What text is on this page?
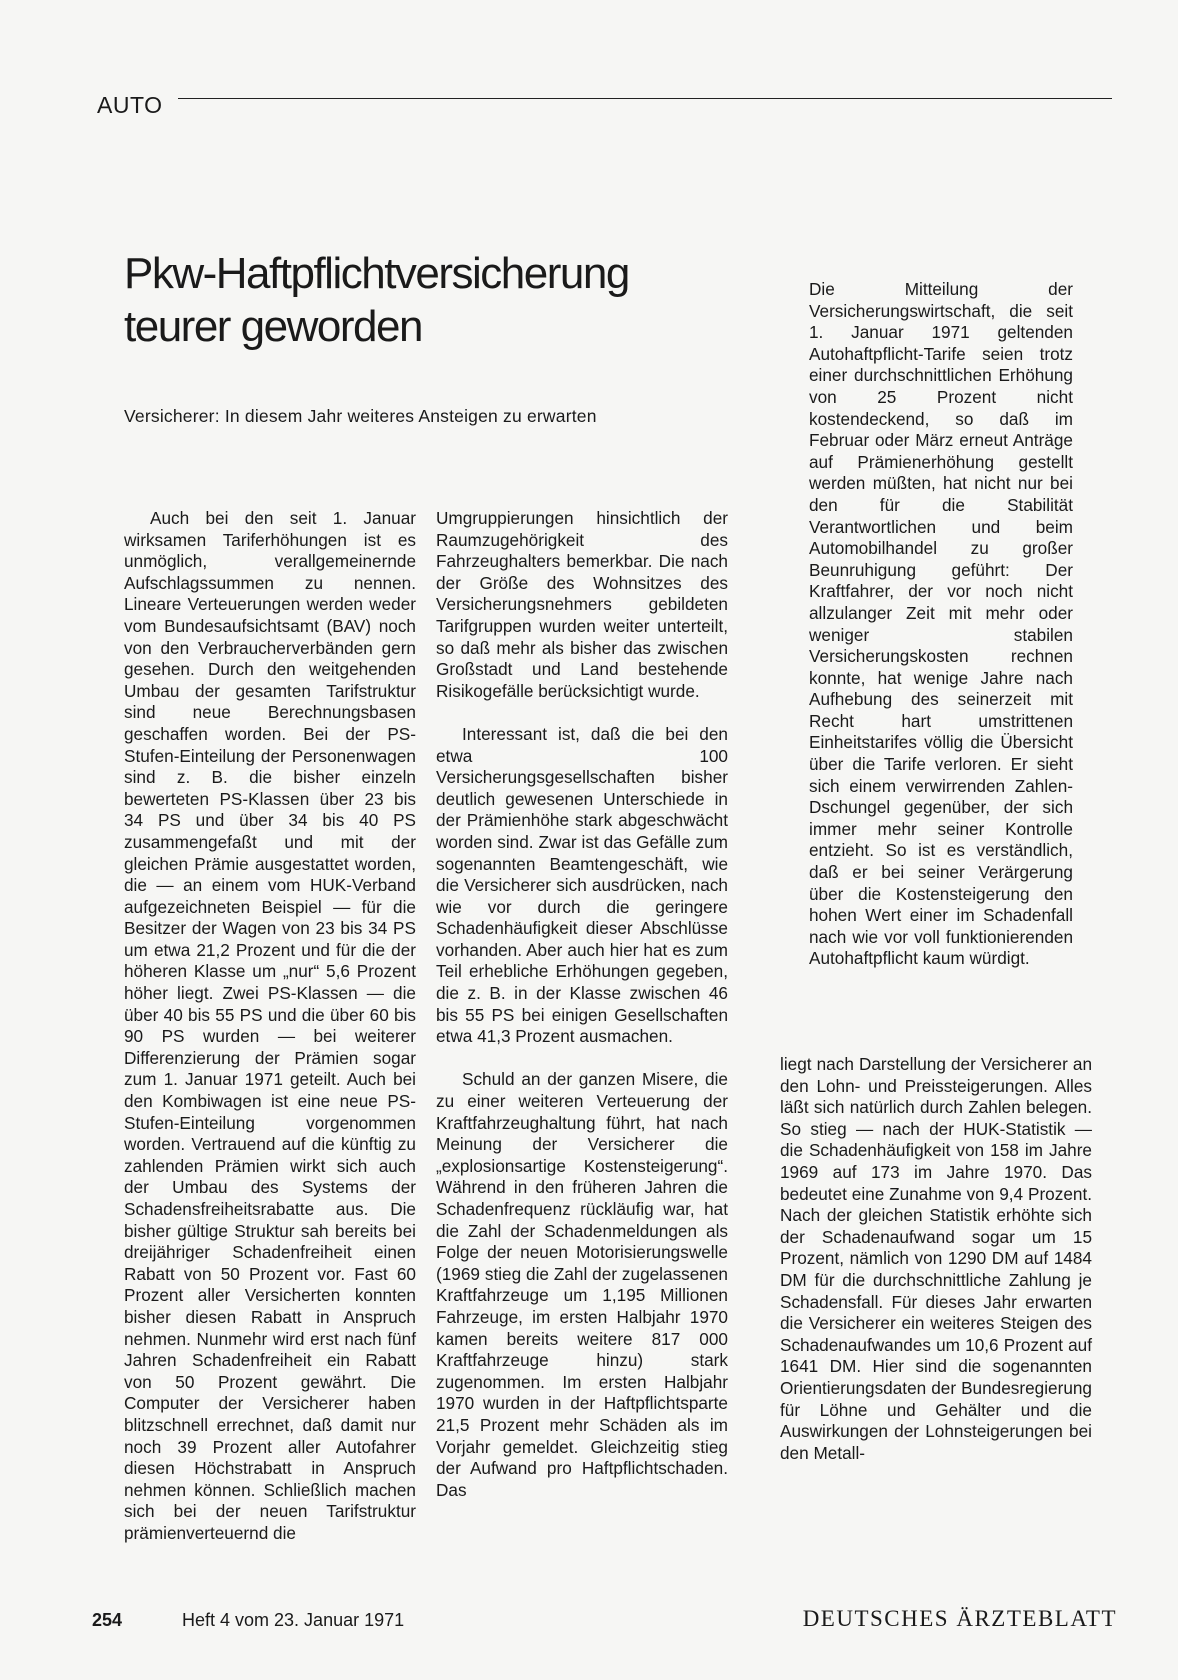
AUTO
Pkw-Haftpflichtversicherung
teurer geworden
Versicherer: In diesem Jahr weiteres Ansteigen zu erwarten

Auch bei den seit 1. Januar wirksamen Tariferhöhungen ist es unmöglich, verallgemeinernde Aufschlagssummen zu nennen. Lineare Verteuerungen werden weder vom Bundesaufsichtsamt (BAV) noch von den Verbraucherverbänden gern gesehen. Durch den weitgehenden Umbau der gesamten Tarifstruktur sind neue Berechnungsbasen geschaffen worden. Bei der PS-Stufen-Einteilung der Personenwagen sind z. B. die bisher einzeln bewerteten PS-Klassen über 23 bis 34 PS und über 34 bis 40 PS zusammengefaßt und mit der gleichen Prämie ausgestattet worden, die — an einem vom HUK-Verband aufgezeichneten Beispiel — für die Besitzer der Wagen von 23 bis 34 PS um etwa 21,2 Prozent und für die der höheren Klasse um „nur“ 5,6 Prozent höher liegt. Zwei PS-Klassen — die über 40 bis 55 PS und die über 60 bis 90 PS wurden — bei weiterer Differenzierung der Prämien sogar zum 1. Januar 1971 geteilt. Auch bei den Kombiwagen ist eine neue PS-Stufen-Einteilung vorgenommen worden. Vertrauend auf die künftig zu zahlenden Prämien wirkt sich auch der Umbau des Systems der Schadensfreiheitsrabatte aus. Die bisher gültige Struktur sah bereits bei dreijähriger Schadenfreiheit einen Rabatt von 50 Prozent vor. Fast 60 Prozent aller Versicherten konnten bisher diesen Rabatt in Anspruch nehmen. Nunmehr wird erst nach fünf Jahren Schadenfreiheit ein Rabatt von 50 Prozent gewährt. Die Computer der Versicherer haben blitzschnell errechnet, daß damit nur noch 39 Prozent aller Autofahrer diesen Höchstrabatt in Anspruch nehmen können. Schließlich machen sich bei der neuen Tarifstruktur prämienverteuernd die

Umgruppierungen hinsichtlich der Raumzugehörigkeit des Fahrzeughalters bemerkbar. Die nach der Größe des Wohnsitzes des Versicherungsnehmers gebildeten Tarifgruppen wurden weiter unterteilt, so daß mehr als bisher das zwischen Großstadt und Land bestehende Risikogefälle berücksichtigt wurde.

Interessant ist, daß die bei den etwa 100 Versicherungsgesellschaften bisher deutlich gewesenen Unterschiede in der Prämienhöhe stark abgeschwächt worden sind. Zwar ist das Gefälle zum sogenannten Beamtengeschäft, wie die Versicherer sich ausdrücken, nach wie vor durch die geringere Schadenhäufigkeit dieser Abschlüsse vorhanden. Aber auch hier hat es zum Teil erhebliche Erhöhungen gegeben, die z. B. in der Klasse zwischen 46 bis 55 PS bei einigen Gesellschaften etwa 41,3 Prozent ausmachen.

Schuld an der ganzen Misere, die zu einer weiteren Verteuerung der Kraftfahrzeughaltung führt, hat nach Meinung der Versicherer die „explosionsartige Kostensteigerung“. Während in den früheren Jahren die Schadenfrequenz rückläufig war, hat die Zahl der Schadenmeldungen als Folge der neuen Motorisierungswelle (1969 stieg die Zahl der zugelassenen Kraftfahrzeuge um 1,195 Millionen Fahrzeuge, im ersten Halbjahr 1970 kamen bereits weitere 817 000 Kraftfahrzeuge hinzu) stark zugenommen. Im ersten Halbjahr 1970 wurden in der Haftpflichtsparte 21,5 Prozent mehr Schäden als im Vorjahr gemeldet. Gleichzeitig stieg der Aufwand pro Haftpflichtschaden. Das

Die Mitteilung der Versicherungswirtschaft, die seit 1. Januar 1971 geltenden Autohaftpflicht-Tarife seien trotz einer durchschnittlichen Erhöhung von 25 Prozent nicht kostendeckend, so daß im Februar oder März erneut Anträge auf Prämienerhöhung gestellt werden müßten, hat nicht nur bei den für die Stabilität Verantwortlichen und beim Automobilhandel zu großer Beunruhigung geführt: Der Kraftfahrer, der vor noch nicht allzulanger Zeit mit mehr oder weniger stabilen Versicherungskosten rechnen konnte, hat wenige Jahre nach Aufhebung des seinerzeit mit Recht hart umstrittenen Einheitstarifes völlig die Übersicht über die Tarife verloren. Er sieht sich einem verwirrenden Zahlen-Dschungel gegenüber, der sich immer mehr seiner Kontrolle entzieht. So ist es verständlich, daß er bei seiner Verärgerung über die Kostensteigerung den hohen Wert einer im Schadenfall nach wie vor voll funktionierenden Autohaftpflicht kaum würdigt.

liegt nach Darstellung der Versicherer an den Lohn- und Preissteigerungen. Alles läßt sich natürlich durch Zahlen belegen. So stieg — nach der HUK-Statistik — die Schadenhäufigkeit von 158 im Jahre 1969 auf 173 im Jahre 1970. Das bedeutet eine Zunahme von 9,4 Prozent. Nach der gleichen Statistik erhöhte sich der Schadenaufwand sogar um 15 Prozent, nämlich von 1290 DM auf 1484 DM für die durchschnittliche Zahlung je Schadensfall. Für dieses Jahr erwarten die Versicherer ein weiteres Steigen des Schadenaufwandes um 10,6 Prozent auf 1641 DM. Hier sind die sogenannten Orientierungsdaten der Bundesregierung für Löhne und Gehälter und die Auswirkungen der Lohnsteigerungen bei den Metall-

254	Heft 4 vom 23. Januar 1971	DEUTSCHES ÄRZTEBLATT
